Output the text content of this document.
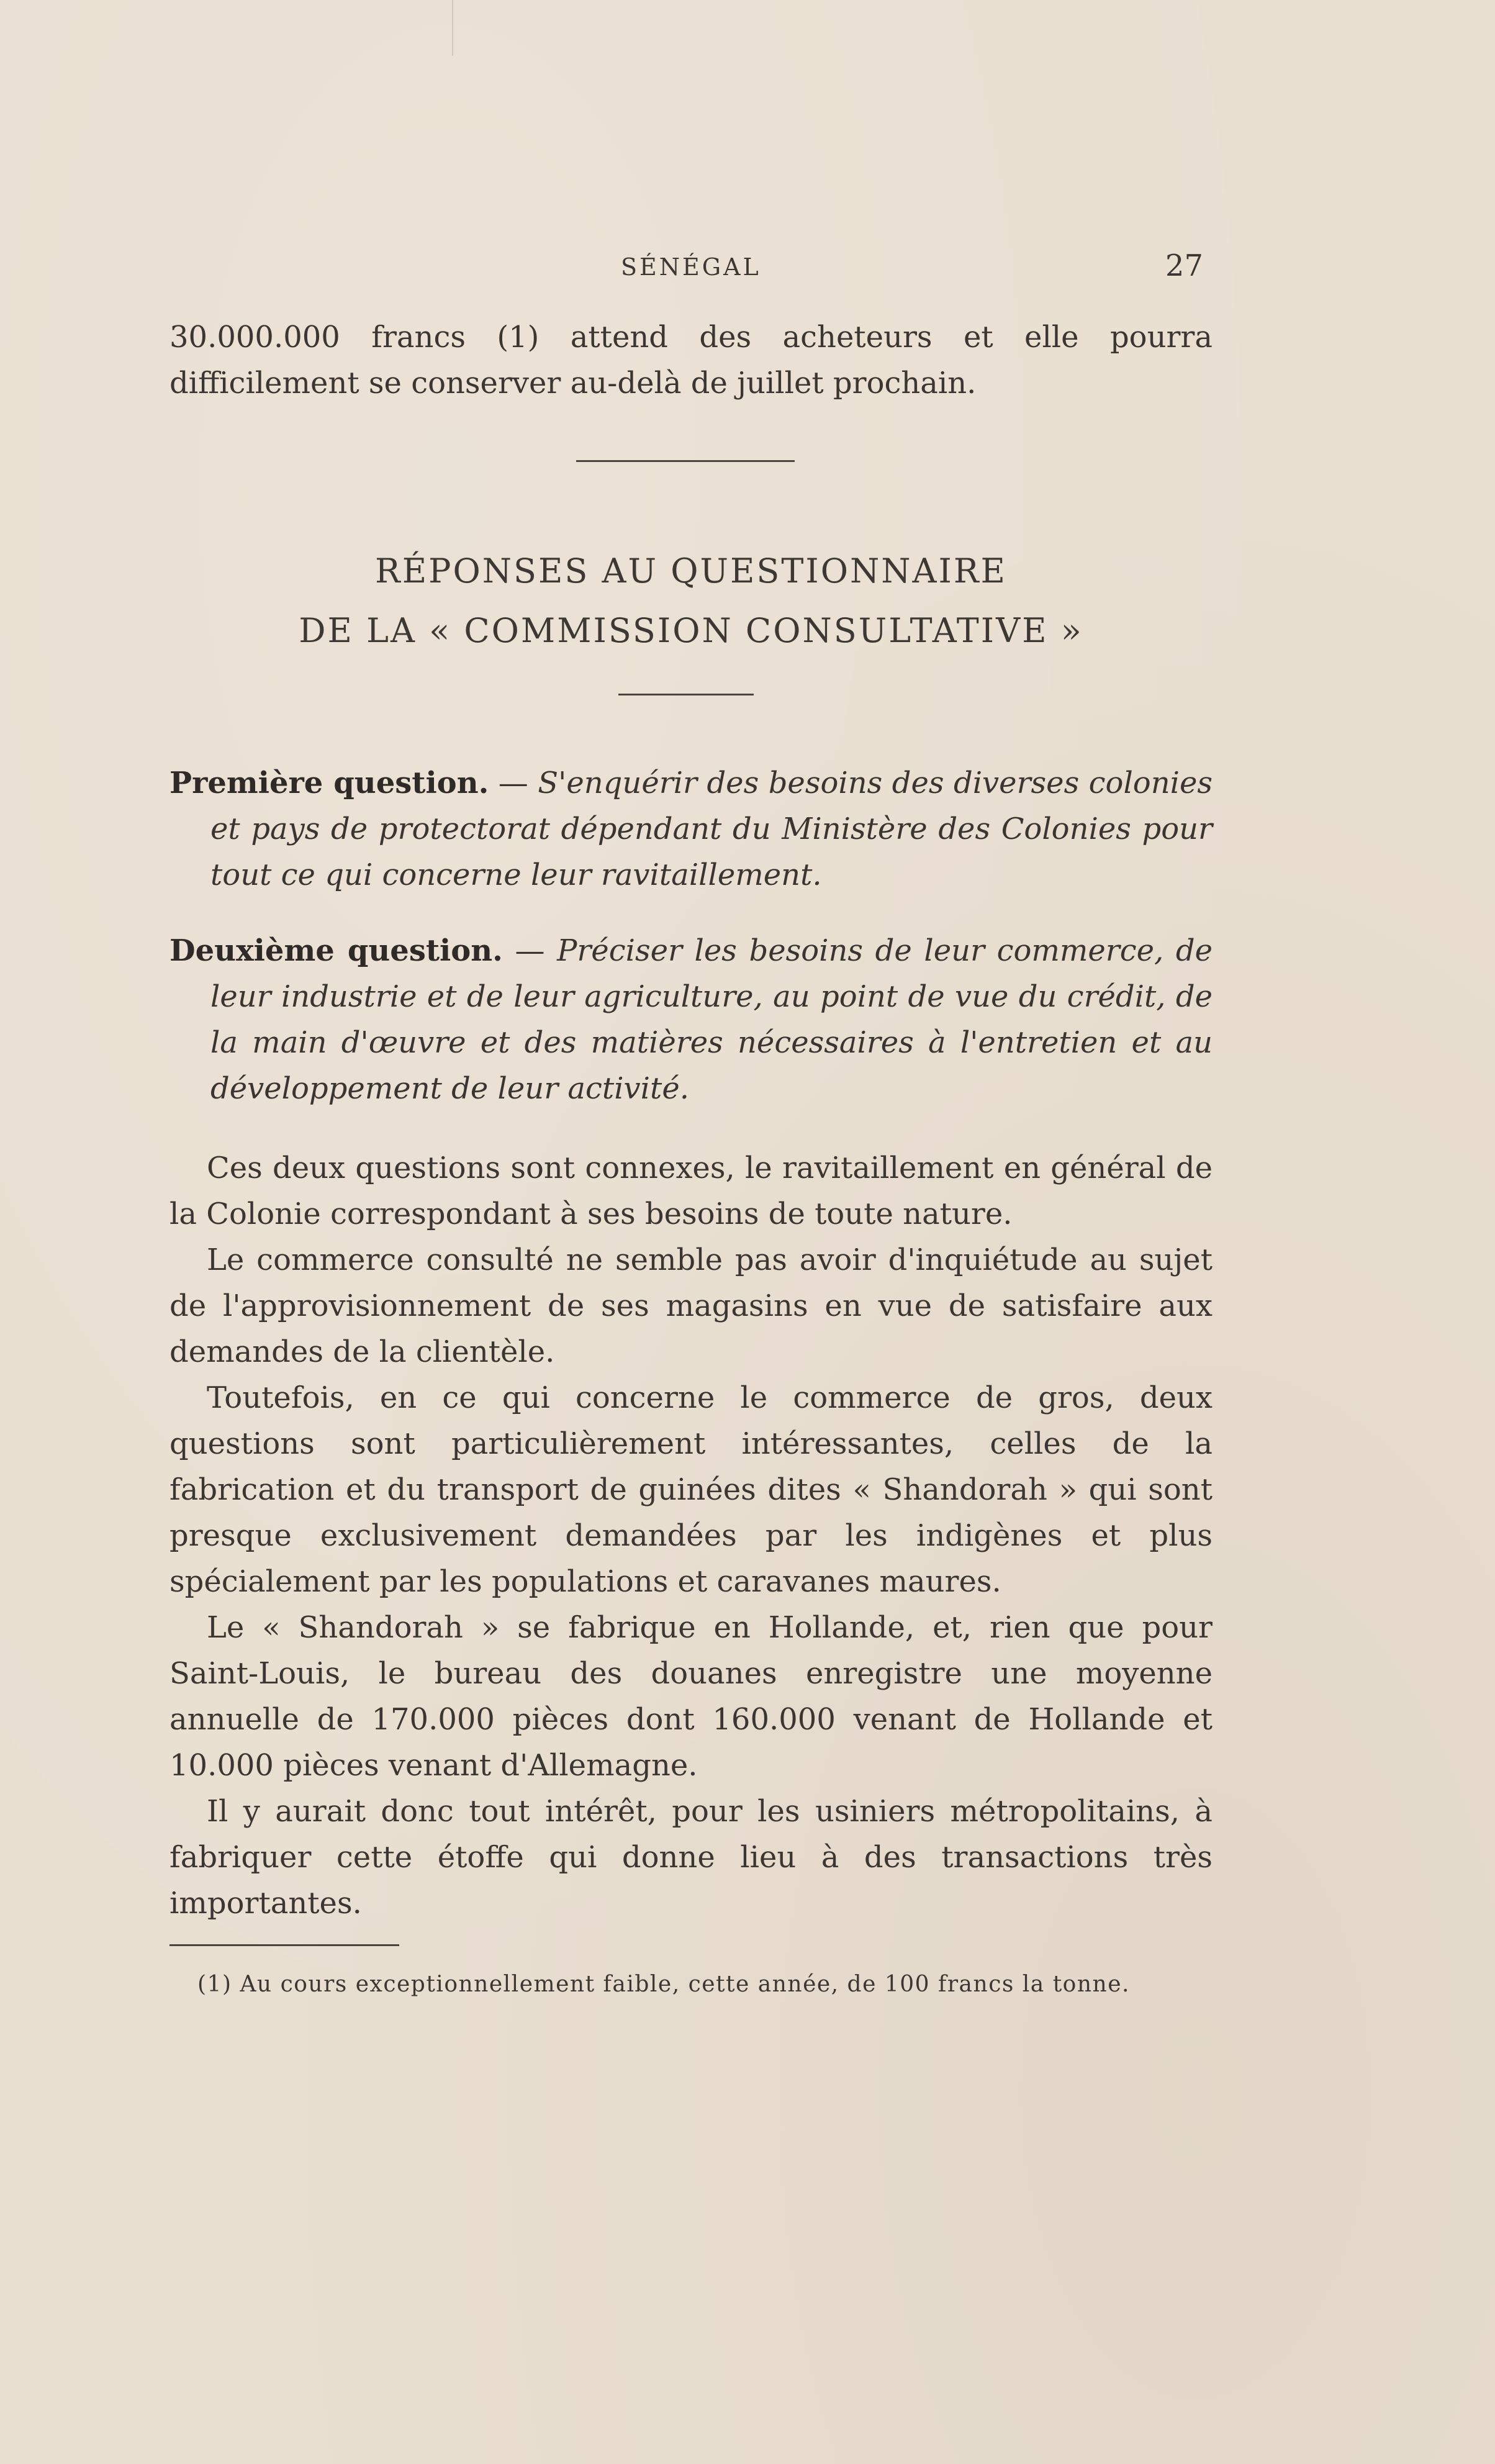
SÉNÉGAL	27

30.000.000 francs (1) attend des acheteurs et elle pourra difficilement se conserver au-delà de juillet prochain.

RÉPONSES AU QUESTIONNAIRE
DE LA « COMMISSION CONSULTATIVE »
Première question. — S'enquérir des besoins des diverses colonies et pays de protectorat dépendant du Ministère des Colonies pour tout ce qui concerne leur ravitaillement.
Deuxième question. — Préciser les besoins de leur commerce, de leur industrie et de leur agriculture, au point de vue du crédit, de la main d'œuvre et des matières nécessaires à l'entretien et au développement de leur activité.

Ces deux questions sont connexes, le ravitaillement en général de la Colonie correspondant à ses besoins de toute nature.

Le commerce consulté ne semble pas avoir d'inquiétude au sujet de l'approvisionnement de ses magasins en vue de satisfaire aux demandes de la clientèle.

Toutefois, en ce qui concerne le commerce de gros, deux questions sont particulièrement intéressantes, celles de la fabrication et du transport de guinées dites « Shandorah » qui sont presque exclusivement demandées par les indigènes et plus spécialement par les populations et caravanes maures.

Le « Shandorah » se fabrique en Hollande, et, rien que pour Saint-Louis, le bureau des douanes enregistre une moyenne annuelle de 170.000 pièces dont 160.000 venant de Hollande et 10.000 pièces venant d'Allemagne.

Il y aurait donc tout intérêt, pour les usiniers métropolitains, à fabriquer cette étoffe qui donne lieu à des transactions très importantes.

(1) Au cours exceptionnellement faible, cette année, de 100 francs la tonne.
